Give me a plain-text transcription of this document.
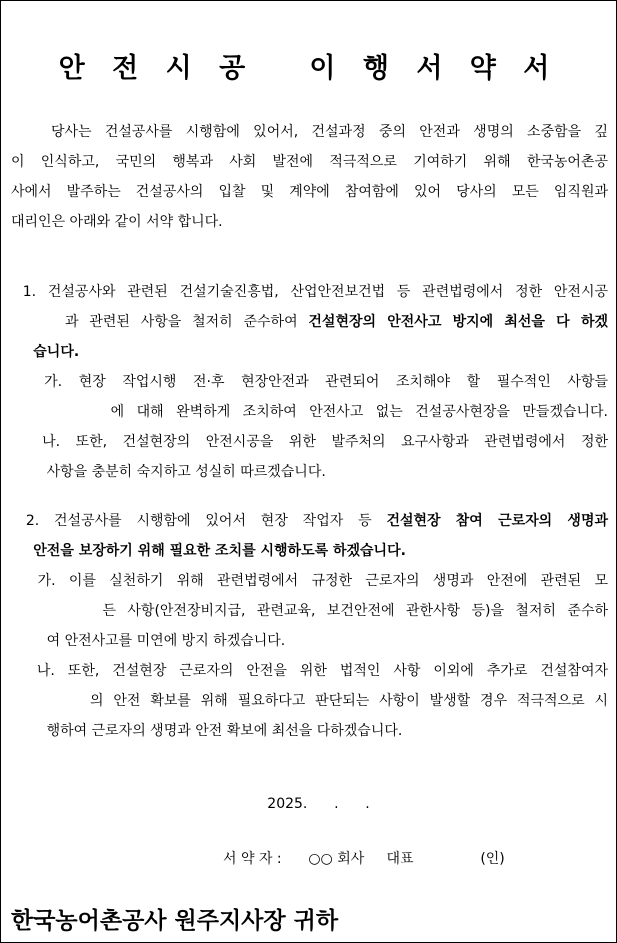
안 전 시 공   이 행 서 약 서
당사는 건설공사를 시행함에 있어서, 건설과정 중의 안전과 생명의 소중함을 깊
이 인식하고, 국민의 행복과 사회 발전에 적극적으로 기여하기 위해 한국농어촌공
사에서 발주하는 건설공사의 입찰 및 계약에 참여함에 있어 당사의 모든 임직원과
대리인은 아래와 같이 서약 합니다.
1. 건설공사와 관련된 건설기술진흥법, 산업안전보건법 등 관련법령에서 정한 안전시공
과 관련된 사항을 철저히 준수하여 건설현장의 안전사고 방지에 최선을 다 하겠
습니다.
가. 현장 작업시행 전·후 현장안전과 관련되어 조치해야 할 필수적인 사항들
에 대해 완벽하게 조치하여 안전사고 없는 건설공사현장을 만들겠습니다.
나. 또한, 건설현장의 안전시공을 위한 발주처의 요구사항과 관련법령에서 정한
사항을 충분히 숙지하고 성실히 따르겠습니다.
2. 건설공사를 시행함에 있어서 현장 작업자 등 건설현장 참여 근로자의 생명과
안전을 보장하기 위해 필요한 조치를 시행하도록 하겠습니다.
가. 이를 실천하기 위해 관련법령에서 규정한 근로자의 생명과 안전에 관련된 모
든 사항(안전장비지급, 관련교육, 보건안전에 관한사항 등)을 철저히 준수하
여 안전사고를 미연에 방지 하겠습니다.
나. 또한, 건설현장 근로자의 안전을 위한 법적인 사항 이외에 추가로 건설참여자
의 안전 확보를 위해 필요하다고 판단되는 사항이 발생할 경우 적극적으로 시
행하여 근로자의 생명과 안전 확보에 최선을 다하겠습니다.
2025.      .      .
서 약 자 :      ○○ 회사     대표               (인)
한국농어촌공사 원주지사장 귀하
